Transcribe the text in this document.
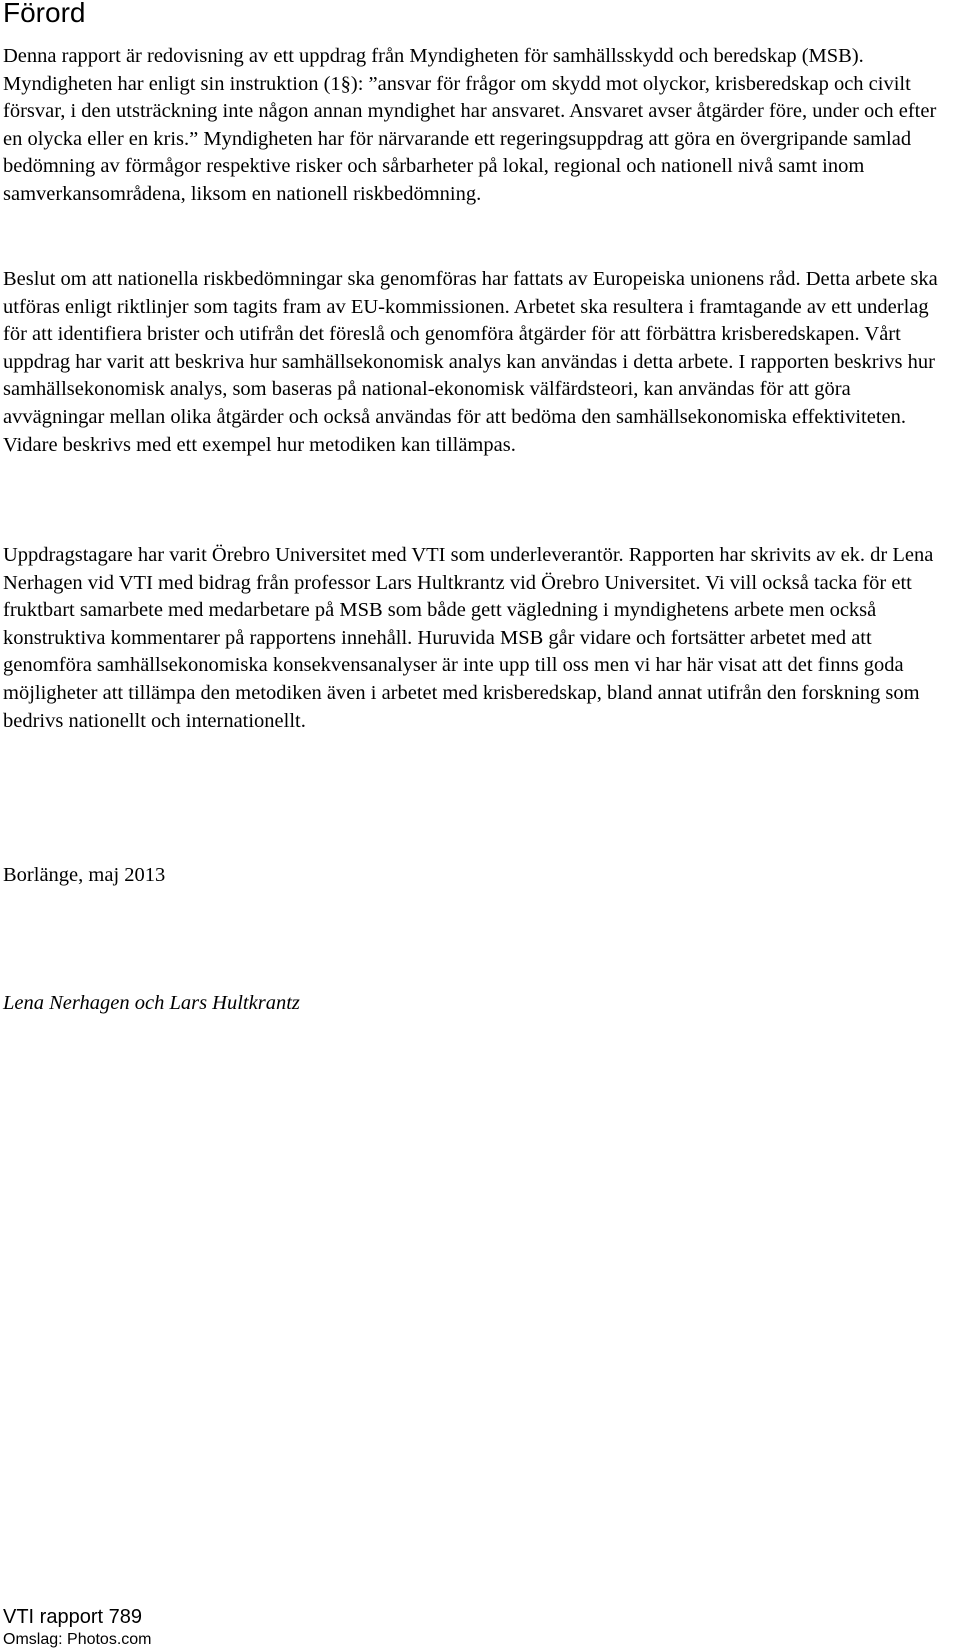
Förord

Denna rapport är redovisning av ett uppdrag från Myndigheten för samhällsskydd och beredskap (MSB). Myndigheten har enligt sin instruktion (1§): ”ansvar för frågor om skydd mot olyckor, krisberedskap och civilt försvar, i den utsträckning inte någon annan myndighet har ansvaret. Ansvaret avser åtgärder före, under och efter en olycka eller en kris.” Myndigheten har för närvarande ett regeringsuppdrag att göra en övergripande samlad bedömning av förmågor respektive risker och sårbarheter på lokal, regional och nationell nivå samt inom samverkansområdena, liksom en nationell riskbedömning.

Beslut om att nationella riskbedömningar ska genomföras har fattats av Europeiska unionens råd. Detta arbete ska utföras enligt riktlinjer som tagits fram av EU-kommissionen. Arbetet ska resultera i framtagande av ett underlag för att identifiera brister och utifrån det föreslå och genomföra åtgärder för att förbättra krisberedskapen. Vårt uppdrag har varit att beskriva hur samhällsekonomisk analys kan användas i detta arbete. I rapporten beskrivs hur samhällsekonomisk analys, som baseras på national-ekonomisk välfärdsteori, kan användas för att göra avvägningar mellan olika åtgärder och också användas för att bedöma den samhällsekonomiska effektiviteten. Vidare beskrivs med ett exempel hur metodiken kan tillämpas.

Uppdragstagare har varit Örebro Universitet med VTI som underleverantör. Rapporten har skrivits av ek. dr Lena Nerhagen vid VTI med bidrag från professor Lars Hultkrantz vid Örebro Universitet. Vi vill också tacka för ett fruktbart samarbete med medarbetare på MSB som både gett vägledning i myndighetens arbete men också konstruktiva kommentarer på rapportens innehåll. Huruvida MSB går vidare och fortsätter arbetet med att genomföra samhällsekonomiska konsekvensanalyser är inte upp till oss men vi har här visat att det finns goda möjligheter att tillämpa den metodiken även i arbetet med krisberedskap, bland annat utifrån den forskning som bedrivs nationellt och internationellt.

Borlänge, maj 2013

Lena Nerhagen och Lars Hultkrantz

VTI rapport 789

Omslag: Photos.com
